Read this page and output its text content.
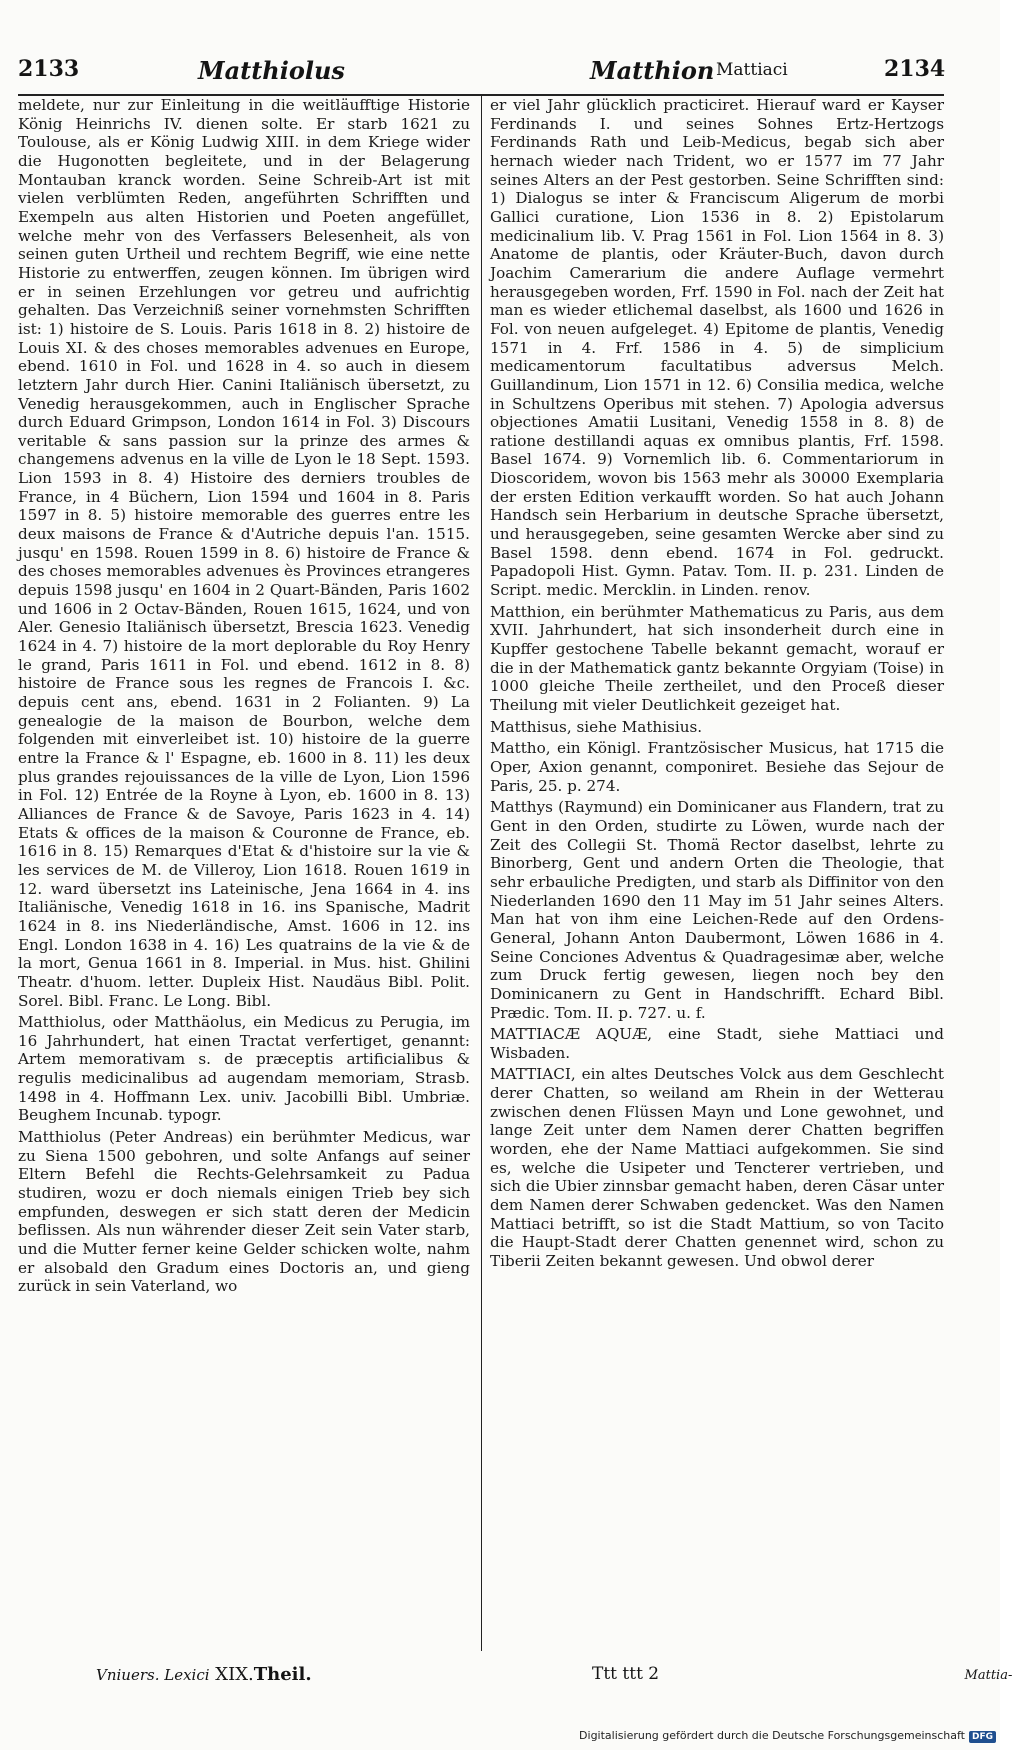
2133	Matthiolus	Matthion Mattiaci	2134

meldete, nur zur Einleitung in die weitläufftige Historie König Heinrichs IV. dienen solte. Er starb 1621 zu Toulouse, als er König Ludwig XIII. in dem Kriege wider die Hugonotten begleitete, und in der Belagerung Montauban kranck worden. Seine Schreib-Art ist mit vielen verblümten Reden, angeführten Schrifften und Exempeln aus alten Historien und Poeten angefüllet, welche mehr von des Verfassers Belesenheit, als von seinen guten Urtheil und rechtem Begriff, wie eine nette Historie zu entwerffen, zeugen können. Im übrigen wird er in seinen Erzehlungen vor getreu und aufrichtig gehalten. Das Verzeichniß seiner vornehmsten Schrifften ist: 1) histoire de S. Louis. Paris 1618 in 8. 2) histoire de Louis XI. & des choses memorables advenues en Europe, ebend. 1610 in Fol. und 1628 in 4. so auch in diesem letztern Jahr durch Hier. Canini Italiänisch übersetzt, zu Venedig herausgekommen, auch in Englischer Sprache durch Eduard Grimpson, London 1614 in Fol. 3) Discours veritable & sans passion sur la prinze des armes & changemens advenus en la ville de Lyon le 18 Sept. 1593. Lion 1593 in 8. 4) Histoire des derniers troubles de France, in 4 Büchern, Lion 1594 und 1604 in 8. Paris 1597 in 8. 5) histoire memorable des guerres entre les deux maisons de France & d'Autriche depuis l'an. 1515. jusqu' en 1598. Rouen 1599 in 8. 6) histoire de France & des choses memorables advenues ès Provinces etrangeres depuis 1598 jusqu' en 1604 in 2 Quart-Bänden, Paris 1602 und 1606 in 2 Octav-Bänden, Rouen 1615, 1624, und von Aler. Genesio Italiänisch übersetzt, Brescia 1623. Venedig 1624 in 4. 7) histoire de la mort deplorable du Roy Henry le grand, Paris 1611 in Fol. und ebend. 1612 in 8. 8) histoire de France sous les regnes de Francois I. &c. depuis cent ans, ebend. 1631 in 2 Folianten. 9) La genealogie de la maison de Bourbon, welche dem folgenden mit einverleibet ist. 10) histoire de la guerre entre la France & l' Espagne, eb. 1600 in 8. 11) les deux plus grandes rejouissances de la ville de Lyon, Lion 1596 in Fol. 12) Entrée de la Royne à Lyon, eb. 1600 in 8. 13) Alliances de France & de Savoye, Paris 1623 in 4. 14) Etats & offices de la maison & Couronne de France, eb. 1616 in 8. 15) Remarques d'Etat & d'histoire sur la vie & les services de M. de Villeroy, Lion 1618. Rouen 1619 in 12. ward übersetzt ins Lateinische, Jena 1664 in 4. ins Italiänische, Venedig 1618 in 16. ins Spanische, Madrit 1624 in 8. ins Niederländische, Amst. 1606 in 12. ins Engl. London 1638 in 4. 16) Les quatrains de la vie & de la mort, Genua 1661 in 8. Imperial. in Mus. hist. Ghilini Theatr. d'huom. letter. Dupleix Hist. Naudäus Bibl. Polit. Sorel. Bibl. Franc. Le Long. Bibl.

Matthiolus, oder Matthäolus, ein Medicus zu Perugia, im 16 Jahrhundert, hat einen Tractat verfertiget, genannt: Artem memorativam s. de præceptis artificialibus & regulis medicinalibus ad augendam memoriam, Strasb. 1498 in 4. Hoffmann Lex. univ. Jacobilli Bibl. Umbriæ. Beughem Incunab. typogr.

Matthiolus (Peter Andreas) ein berühmter Medicus, war zu Siena 1500 gebohren, und solte Anfangs auf seiner Eltern Befehl die Rechts-Gelehrsamkeit zu Padua studiren, wozu er doch niemals einigen Trieb bey sich empfunden, deswegen er sich statt deren der Medicin beflissen. Als nun währender dieser Zeit sein Vater starb, und die Mutter ferner keine Gelder schicken wolte, nahm er alsobald den Gradum eines Doctoris an, und gieng zurück in sein Vaterland, wo

er viel Jahr glücklich practiciret. Hierauf ward er Kayser Ferdinands I. und seines Sohnes Ertz-Hertzogs Ferdinands Rath und Leib-Medicus, begab sich aber hernach wieder nach Trident, wo er 1577 im 77 Jahr seines Alters an der Pest gestorben. Seine Schrifften sind: 1) Dialogus se inter & Franciscum Aligerum de morbi Gallici curatione, Lion 1536 in 8. 2) Epistolarum medicinalium lib. V. Prag 1561 in Fol. Lion 1564 in 8. 3) Anatome de plantis, oder Kräuter-Buch, davon durch Joachim Camerarium die andere Auflage vermehrt herausgegeben worden, Frf. 1590 in Fol. nach der Zeit hat man es wieder etlichemal daselbst, als 1600 und 1626 in Fol. von neuen aufgeleget. 4) Epitome de plantis, Venedig 1571 in 4. Frf. 1586 in 4. 5) de simplicium medicamentorum facultatibus adversus Melch. Guillandinum, Lion 1571 in 12. 6) Consilia medica, welche in Schultzens Operibus mit stehen. 7) Apologia adversus objectiones Amatii Lusitani, Venedig 1558 in 8. 8) de ratione destillandi aquas ex omnibus plantis, Frf. 1598. Basel 1674. 9) Vornemlich lib. 6. Commentariorum in Dioscoridem, wovon bis 1563 mehr als 30000 Exemplaria der ersten Edition verkaufft worden. So hat auch Johann Handsch sein Herbarium in deutsche Sprache übersetzt, und herausgegeben, seine gesamten Wercke aber sind zu Basel 1598. denn ebend. 1674 in Fol. gedruckt. Papadopoli Hist. Gymn. Patav. Tom. II. p. 231. Linden de Script. medic. Mercklin. in Linden. renov.

Matthion, ein berühmter Mathematicus zu Paris, aus dem XVII. Jahrhundert, hat sich insonderheit durch eine in Kupffer gestochene Tabelle bekannt gemacht, worauf er die in der Mathematick gantz bekannte Orgyiam (Toise) in 1000 gleiche Theile zertheilet, und den Proceß dieser Theilung mit vieler Deutlichkeit gezeiget hat.

Matthisus, siehe Mathisius.

Mattho, ein Königl. Frantzösischer Musicus, hat 1715 die Oper, Axion genannt, componiret. Besiehe das Sejour de Paris, 25. p. 274.

Matthys (Raymund) ein Dominicaner aus Flandern, trat zu Gent in den Orden, studirte zu Löwen, wurde nach der Zeit des Collegii St. Thomä Rector daselbst, lehrte zu Binorberg, Gent und andern Orten die Theologie, that sehr erbauliche Predigten, und starb als Diffinitor von den Niederlanden 1690 den 11 May im 51 Jahr seines Alters. Man hat von ihm eine Leichen-Rede auf den Ordens-General, Johann Anton Daubermont, Löwen 1686 in 4. Seine Conciones Adventus & Quadragesimæ aber, welche zum Druck fertig gewesen, liegen noch bey den Dominicanern zu Gent in Handschrifft. Echard Bibl. Prædic. Tom. II. p. 727. u. f.

MATTIACÆ AQUÆ, eine Stadt, siehe Mattiaci und Wisbaden.

MATTIACI, ein altes Deutsches Volck aus dem Geschlecht derer Chatten, so weiland am Rhein in der Wetterau zwischen denen Flüssen Mayn und Lone gewohnet, und lange Zeit unter dem Namen derer Chatten begriffen worden, ehe der Name Mattiaci aufgekommen. Sie sind es, welche die Usipeter und Tencterer vertrieben, und sich die Ubier zinnsbar gemacht haben, deren Cäsar unter dem Namen derer Schwaben gedencket. Was den Namen Mattiaci betrifft, so ist die Stadt Mattium, so von Tacito die Haupt-Stadt derer Chatten genennet wird, schon zu Tiberii Zeiten bekannt gewesen. Und obwol derer

Vniuers. Lexici XIX.Theil.	Ttt ttt 2	Mattia-
Digitalisierung gefördert durch die Deutsche Forschungsgemeinschaft DFG
